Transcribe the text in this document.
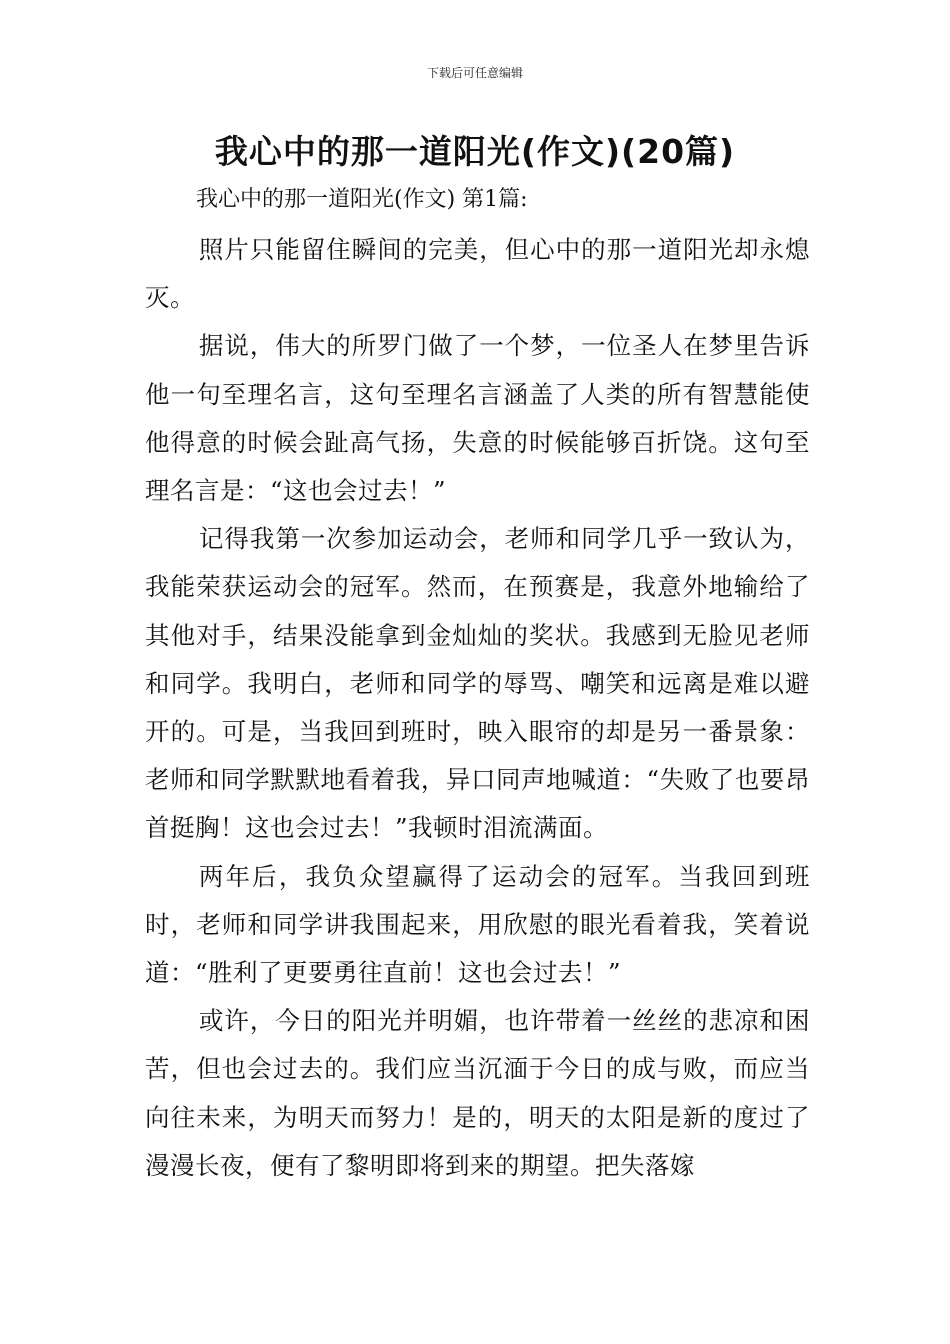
下载后可任意编辑
我心中的那一道阳光(作文)(20篇)
我心中的那一道阳光(作文) 第1篇:

照片只能留住瞬间的完美，但心中的那一道阳光却永熄灭。

据说，伟大的所罗门做了一个梦，一位圣人在梦里告诉他一句至理名言，这句至理名言涵盖了人类的所有智慧能使他得意的时候会趾高气扬，失意的时候能够百折饶。这句至理名言是：“这也会过去！”

记得我第一次参加运动会，老师和同学几乎一致认为，我能荣获运动会的冠军。然而，在预赛是，我意外地输给了其他对手，结果没能拿到金灿灿的奖状。我感到无脸见老师和同学。我明白，老师和同学的辱骂、嘲笑和远离是难以避开的。可是，当我回到班时，映入眼帘的却是另一番景象：老师和同学默默地看着我，异口同声地喊道：“失败了也要昂首挺胸！这也会过去！”我顿时泪流满面。

两年后，我负众望赢得了运动会的冠军。当我回到班时，老师和同学讲我围起来，用欣慰的眼光看着我，笑着说道：“胜利了更要勇往直前！这也会过去！”

或许，今日的阳光并明媚，也许带着一丝丝的悲凉和困苦，但也会过去的。我们应当沉湎于今日的成与败，而应当向往未来，为明天而努力！是的，明天的太阳是新的度过了漫漫长夜，便有了黎明即将到来的期望。把失落嫁
